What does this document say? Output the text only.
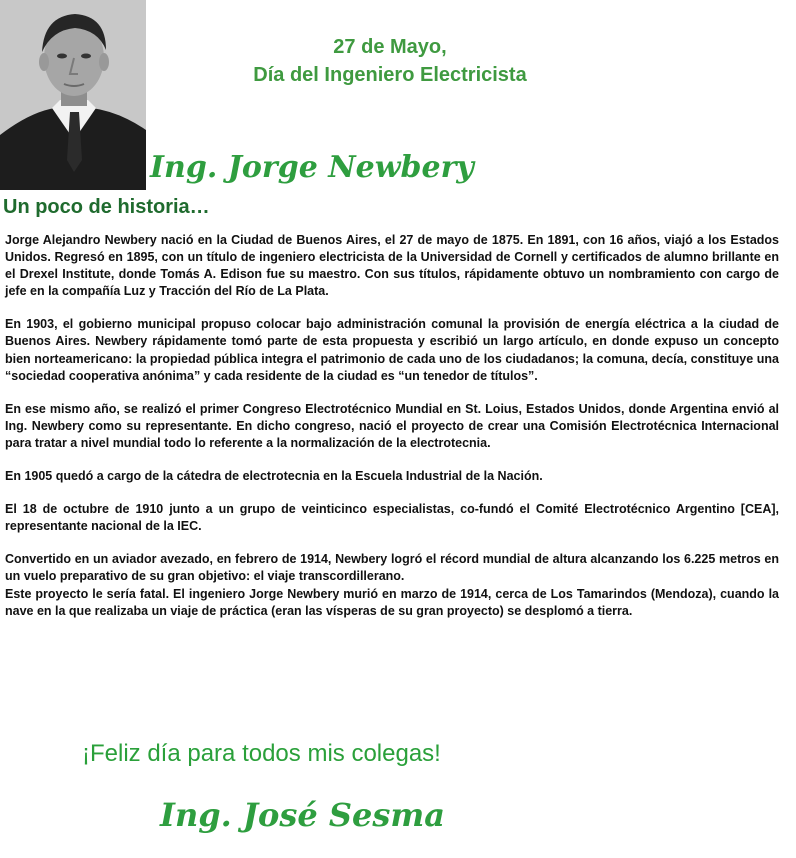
27 de Mayo,
Día del Ingeniero Electricista
Ing. Jorge Newbery
Un poco de historia…

Jorge Alejandro Newbery nació en la Ciudad de Buenos Aires, el 27 de mayo de 1875. En 1891, con 16 años, viajó a los Estados Unidos. Regresó en 1895, con un título de ingeniero electricista de la Universidad de Cornell y certificados de alumno brillante en el Drexel Institute, donde Tomás A. Edison fue su maestro. Con sus títulos, rápidamente obtuvo un nombramiento con cargo de jefe en la compañía Luz y Tracción del Río de La Plata.

En 1903, el gobierno municipal propuso colocar bajo administración comunal la provisión de energía eléctrica a la ciudad de Buenos Aires. Newbery rápidamente tomó parte de esta propuesta y escribió un largo artículo, en donde expuso un concepto bien norteamericano: la propiedad pública integra el patrimonio de cada uno de los ciudadanos; la comuna, decía, constituye una “sociedad cooperativa anónima” y cada residente de la ciudad es “un tenedor de títulos”.

En ese mismo año, se realizó el primer Congreso Electrotécnico Mundial en St. Loius, Estados Unidos, donde Argentina envió al Ing. Newbery como su representante. En dicho congreso, nació el proyecto de crear una Comisión Electrotécnica Internacional para tratar a nivel mundial todo lo referente a la normalización de la electrotecnia.

En 1905 quedó a cargo de la cátedra de electrotecnia en la Escuela Industrial de la Nación.

El 18 de octubre de 1910 junto a un grupo de veinticinco especialistas, co-fundó el Comité Electrotécnico Argentino [CEA], representante nacional de la IEC.

Convertido en un aviador avezado, en febrero de 1914, Newbery logró el récord mundial de altura alcanzando los 6.225 metros en un vuelo preparativo de su gran objetivo: el viaje transcordillerano.

Este proyecto le sería fatal. El ingeniero Jorge Newbery murió en marzo de 1914, cerca de Los Tamarindos (Mendoza), cuando la nave en la que realizaba un viaje de práctica (eran las vísperas de su gran proyecto) se desplomó a tierra.

¡Feliz día para todos mis colegas!
Ing. José Sesma
